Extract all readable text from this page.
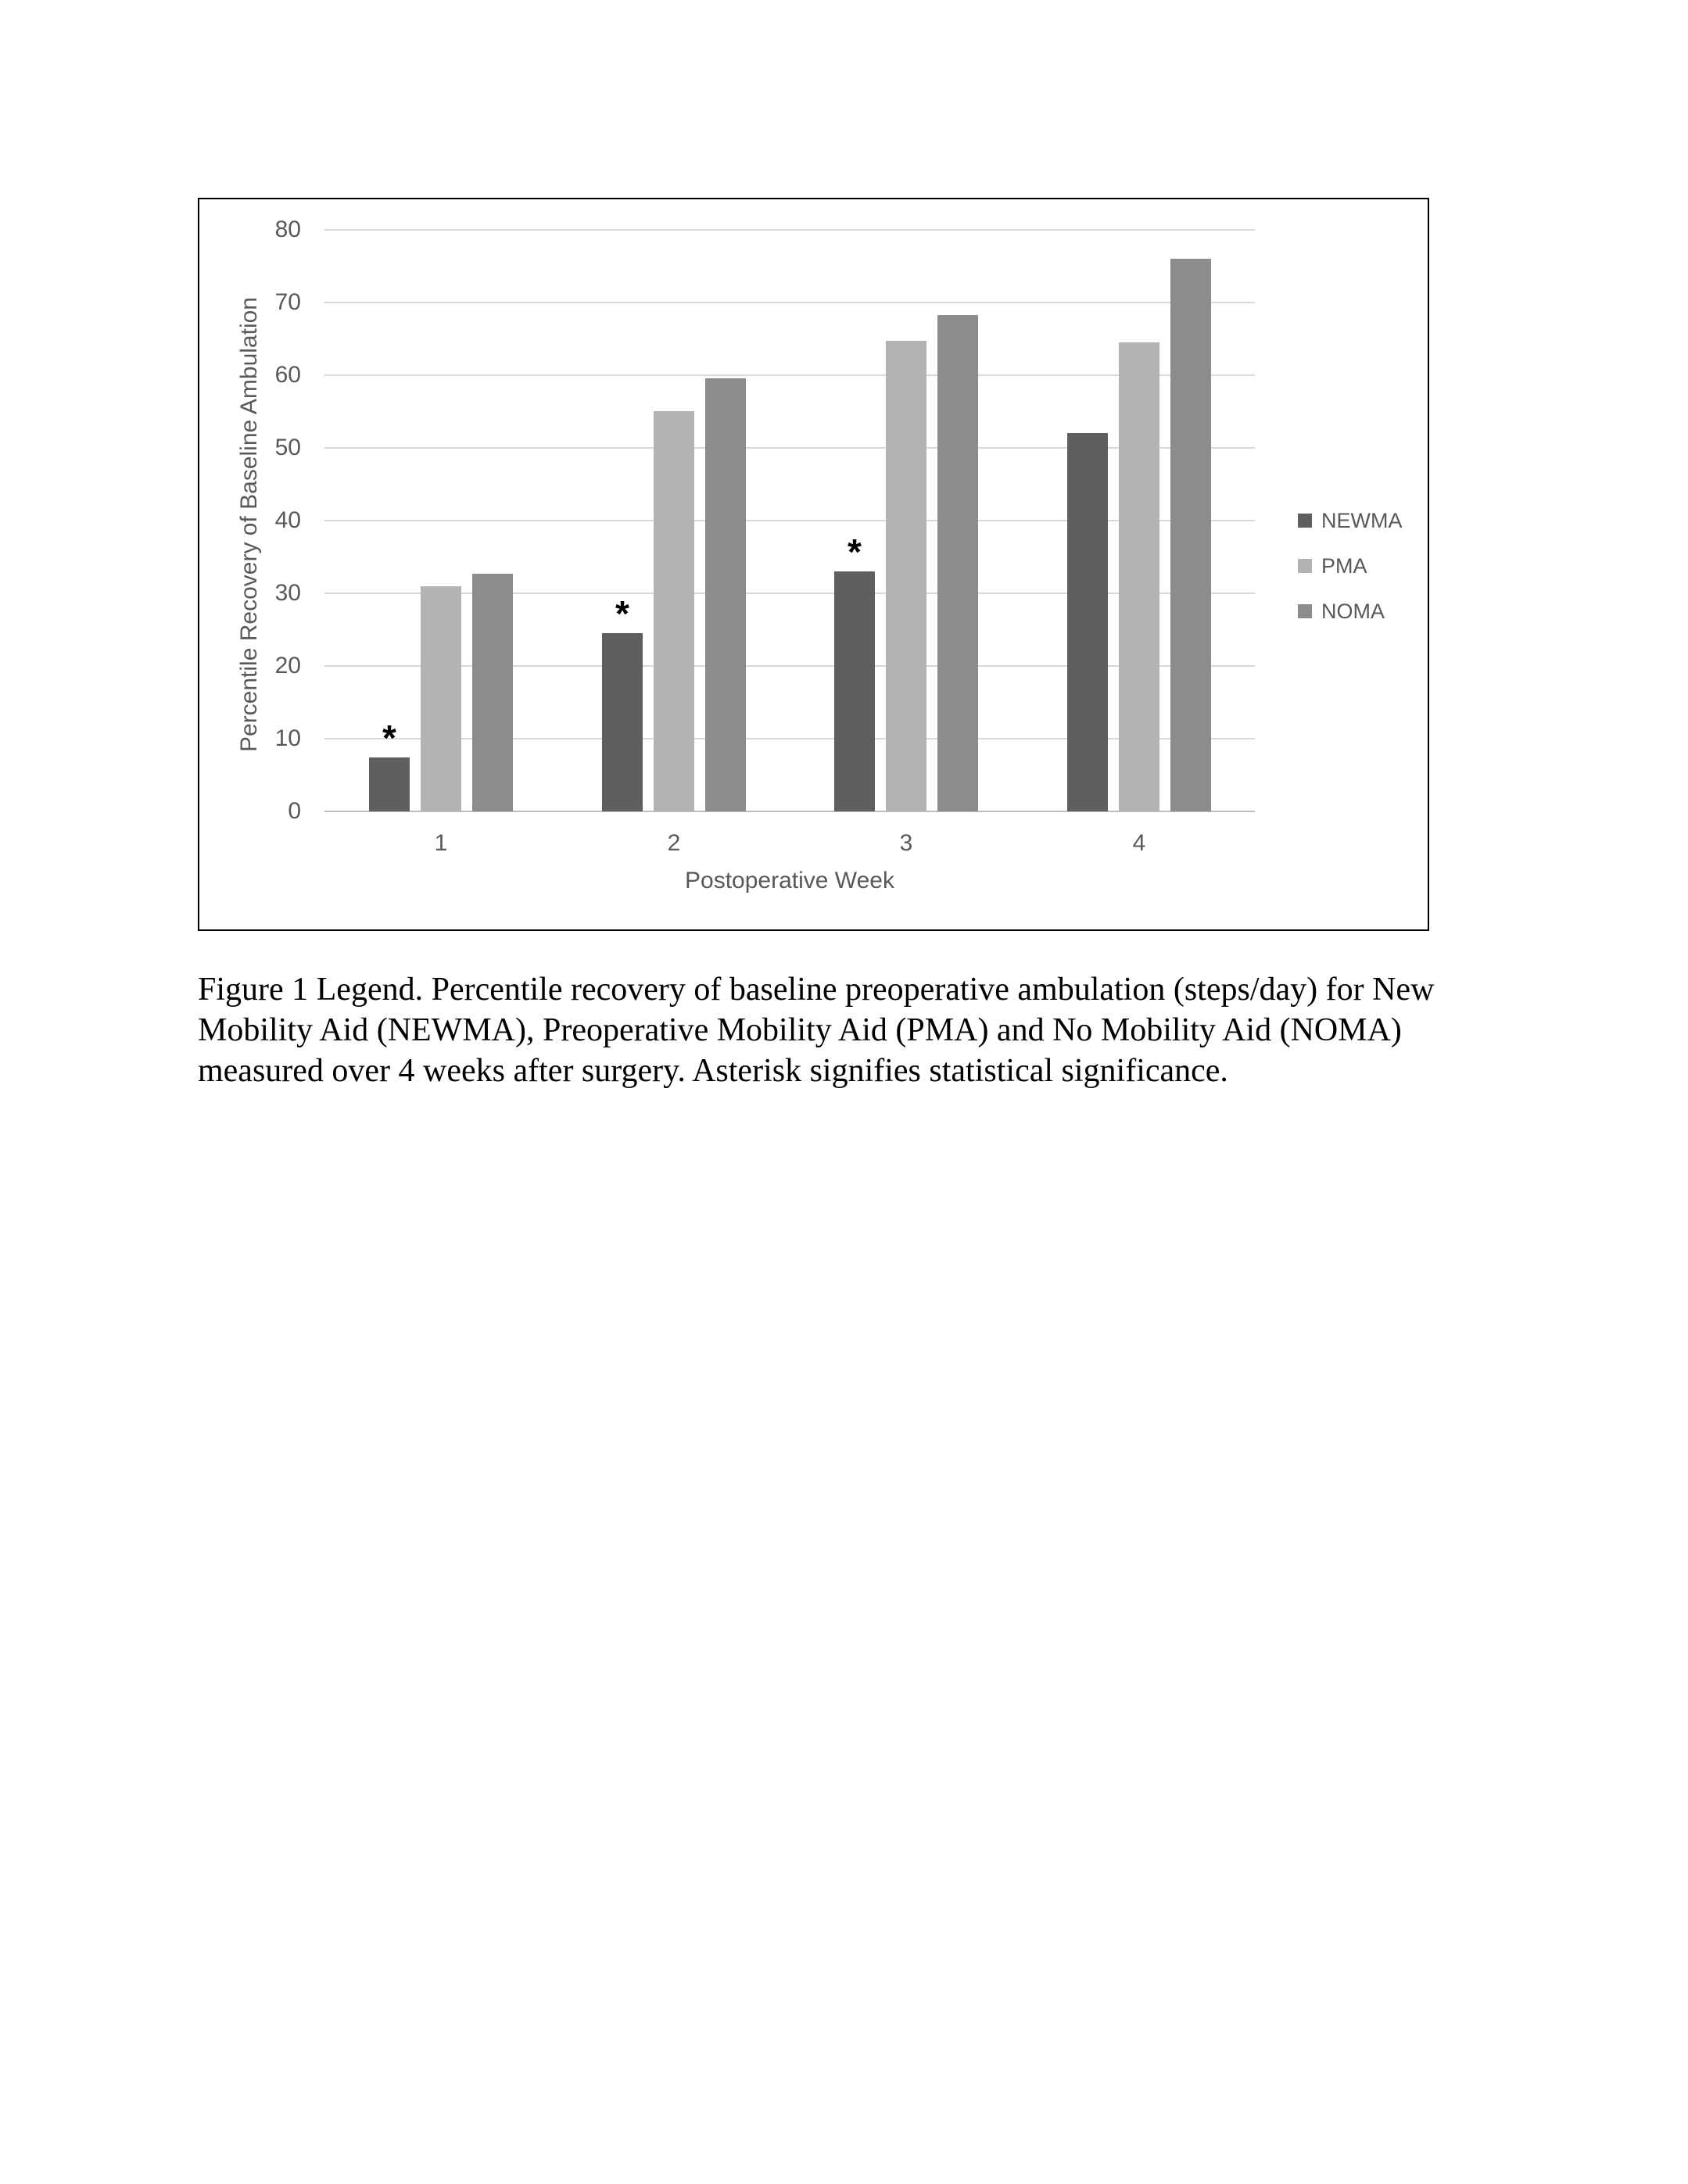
Percentile Recovery of Baseline Ambulation	*
1
*
2
*
3	4
Postoperative Week
NEWMA
PMA
NOMA
0
10
20
30
40
50
60
70
80
Figure 1 Legend. Percentile recovery of baseline preoperative ambulation (steps/day) for New
Mobility Aid (NEWMA), Preoperative Mobility Aid (PMA) and No Mobility Aid (NOMA)
measured over 4 weeks after surgery. Asterisk signifies statistical significance.
